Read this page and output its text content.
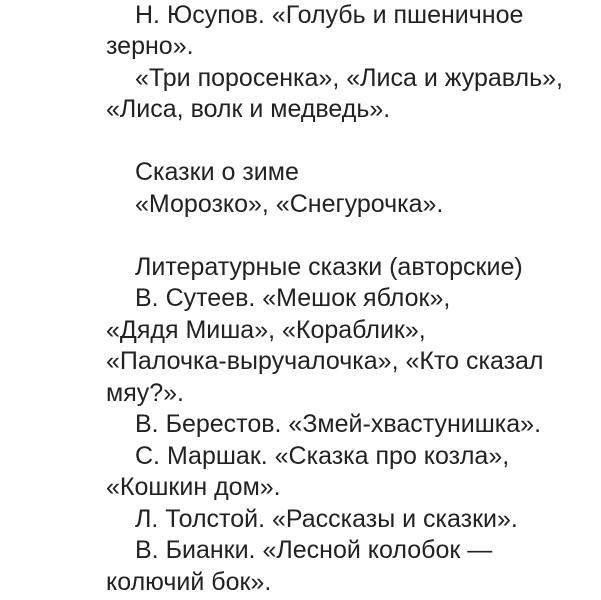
Н. Юсупов. «Голубь и пшеничное
зерно».
«Три поросенка», «Лиса и журавль»,
«Лиса, волк и медведь».
Сказки о зиме
«Морозко», «Снегурочка».
Литературные сказки (авторские)
В. Сутеев. «Мешок яблок»,
«Дядя Миша», «Кораблик»,
«Палочка-выручалочка», «Кто сказал
мяу?».
В. Берестов. «Змей-хвастунишка».
С. Маршак. «Сказка про козла»,
«Кошкин дом».
Л. Толстой. «Рассказы и сказки».
В. Бианки. «Лесной колобок —
колючий бок».
